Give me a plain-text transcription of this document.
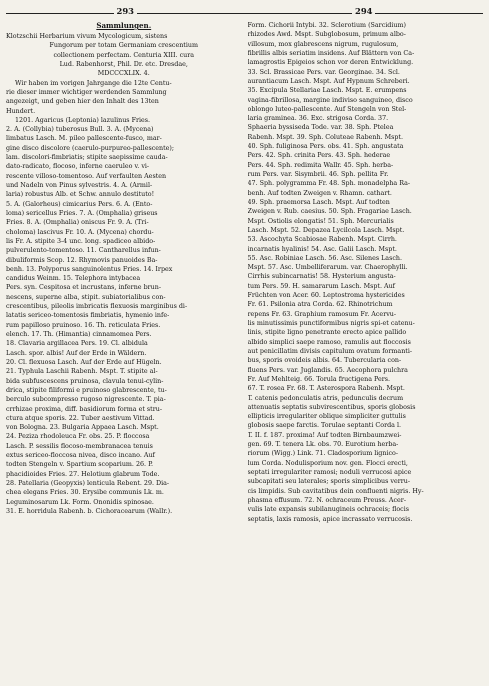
293	294
Sammlungen.
Klotzschii Herbarium vivum Mycologicum, sistens
Fungorum per totam Germaniam crescentium
collectionem perfectam. Centuria XIII. cura
Lud. Rabenhorst, Phil. Dr. etc. Dresdae,
MDCCCXLIX. 4.
Wir haben im vorigen Jahrgange die 12te Centu-
rie dieser immer wichtiger werdenden Sammlung
angezeigt, und geben hier den Inhalt des 13ten
Hundert.
1201. Agaricus (Leptonia) lazulinus Fries.
2. A. (Collybia) tuberosus Bull. 3. A. (Mycena)
limbatus Lasch. M. pileo pallescente-fusco, mar-
gine disco discolore (caerulo-purpureo-pallescente);
lam. discolori-fimbriatis; stipite saepissime cauda-
dato-radicato, flocoso, inferne caeruleo v. vi-
rescente villoso-tomentoso. Auf verfaulten Aesten
und Nadeln von Pinus sylvestris. 4. A. (Armil-
laria) robustus Alb. et Schw. annulo destituto!
5. A. (Galorheus) cimicarius Pers. 6. A. (Ento-
loma) sericellus Fries. 7. A. (Omphalia) griseus
Fries. 8. A. (Omphalia) oniscus Fr. 9. A. (Tri-
choloma) lascivus Fr. 10. A. (Mycena) chordu-
lis Fr. A. stipite 3-4 unc. long. spadiceo albido-
pulverulento-tomentoso. 11. Cantharellus infun-
dibuliformis Scop. 12. Rhymovis panuoides Ba-
benh. 13. Polyporus sanguinolentus Fries. 14. Irpex
candidus Weinm. 15. Telephora intybacea
Pers. syn. Cespitosa et incrustans, inferne brun-
nescens, superne alba, stipit. subiatorialibus con-
crescentibus, pileolis imbricatis flexuosis marginibus di-
latatis sericeo-tomentosis fimbriatis, hymenio infe-
rum papilloso pruinoso. 16. Th. reticulata Fries.
elench. 17. Th. (Himantia) cinnamomea Pers.
18. Clavaria argillacea Pers. 19. Cl. albidula
Lasch. spor. albis! Auf der Erde in Wäldern.
20. Cl. flexuosa Lasch. Auf der Erde auf Hügeln.
21. Typhula Laschii Rabenh. Mspt. T. stipite al-
bida subfuscescens pruinosa, clavula tenui-cylin-
drica, stipite filiformi e pruinoso glabrescente, tu-
berculo subcompresso rugoso nigrescente. T. pia-
crrhizae proxima, diff. basidiorum forma et stru-
ctura atque sporis. 22. Tuber aestivum Vittad.
von Bologna. 23. Bulgaria Appaea Lasch. Mspt.
24. Peziza rhodoleuca Fr. obs. 25. P. floccosa
Lasch. P. sessilis flocoso-membranacea tenuis
extus sericeo-floccosa nivea, disco incano. Auf
todten Stengeln v. Spartium scoparium. 26. P.
phacidioides Fries. 27. Helotium glabrum Tode.
28. Patellaria (Geopyxis) lenticula Rebent. 29. Dia-
chea elegans Fries. 30. Erysibe communis Lk. m.
Leguminosarum Lk. Form. Ononidis spinosae.
31. E. horridula Rabenh. b. Cichoracearum (Wallr.).
Form. Cichorii Intybi. 32. Sclerotium (Sarcidium)
rhizodes Awd. Mspt. Subglobosum, primum albo-
villosum, mox glabrescens nigrum, rugulosum,
fibrillis albis seriatim insidens. Auf Blättern von Ca-
lamagrostis Epigeios schon vor deren Entwicklung.
33. Scl. Brassicae Pers. var. Georginae. 34. Scl.
aurantiacum Lasch. Mspt. Auf Hypnum Schreberi.
35. Excipula Stellariae Lasch. Mspt. E. erumpens
vagina-fibrillosa, margine indiviso sanguineo, disco
oblongo luteo-pallescente. Auf Stengeln von Stel-
laria graminea. 36. Exc. strigosa Corda. 37.
Sphaeria byssiseda Tode. var. 38. Sph. Ptelea
Rabenh. Mspt. 39. Sph. Coluteae Rabenh. Mspt.
40. Sph. fuliginosa Pers. obs. 41. Sph. angustata
Pers. 42. Sph. crinita Pers. 43. Sph. hederae
Pers. 44. Sph. redimita Wallr. 45. Sph. herba-
rum Pers. var. Sisymbrii. 46. Sph. pellita Fr.
47. Sph. polygramma Fr. 48. Sph. monadelpha Ra-
benh. Auf todten Zweigen v. Rhamn. cathart.
49. Sph. praemorsa Lasch. Mspt. Auf todten
Zweigen v. Rub. caesius. 50. Sph. Fragariae Lasch.
Mspt. Ostiolis elongatis! 51. Sph. Mercurialis
Lasch. Mspt. 52. Depazea Lycilcola Lasch. Mspt.
53. Ascochyta Scabiosae Rabenh. Mspt. Cirrh.
incarnatis hyalinis! 54. Asc. Galii Lasch. Mspt.
55. Asc. Robiniae Lasch. 56. Asc. Silenes Lasch.
Mspt. 57. Asc. Umbelliferarum. var. Chaerophylli.
Cirrhis subincarnatis! 58. Hysterium angusta-
tum Pers. 59. H. samararum Lasch. Mspt. Auf
Früchten von Acer. 60. Leptostroma hystericides
Fr. 61. Psilonia atra Corda. 62. Rhinotrichum
repens Fr. 63. Graphium ramosum Fr. Acervu-
lis minutissimis punctiformibus nigris spi-et catenu-
linis, stipite ligno penetrante erecto apice pallido
albido simplici saepe ramoso, ramulis aut floccosis
aut penicillatim divisis capitulum ovatum formanti-
bus, sporis ovoideis albis. 64. Tubercularia con-
fluens Pers. var. Juglandis. 65. Aecophora pulchra
Fr. Auf Mehlteig. 66. Torula fructigena Pers.
67. T. rosea Fr. 68. T. Asterospora Rabenh. Mspt.
T. catenis pedonculatis atris, pedunculis decrum
attenuatis septatis subvirescentibus, sporis globosis
ellipticis irregulariter oblique simpliciter guttulis
globosis saepe farctis. Torulae septanti Corda l.
T. II. f. 187. proxima! Auf todten Birnbaumzwei-
gen. 69. T. tenera Lk. obs. 70. Eurotium herba-
riorum (Wigg.) Link. 71. Cladosporium lignico-
lum Corda. Nodulisporium nov. gen. Flocci erecti,
septati irregulariter ramosi; noduli verrucosi apice
subcapitati seu laterales; sporis simplicibus verru-
cis limpidis. Sub cavitatibus dein confluenti nigris. Hy-
phasma effusum. 72. N. ochraceum Preuss. Acer-
vulis late expansis subilanugineis ochraceis; flocis
septatis, laxis ramosis, apice incrassato verrucosis.
